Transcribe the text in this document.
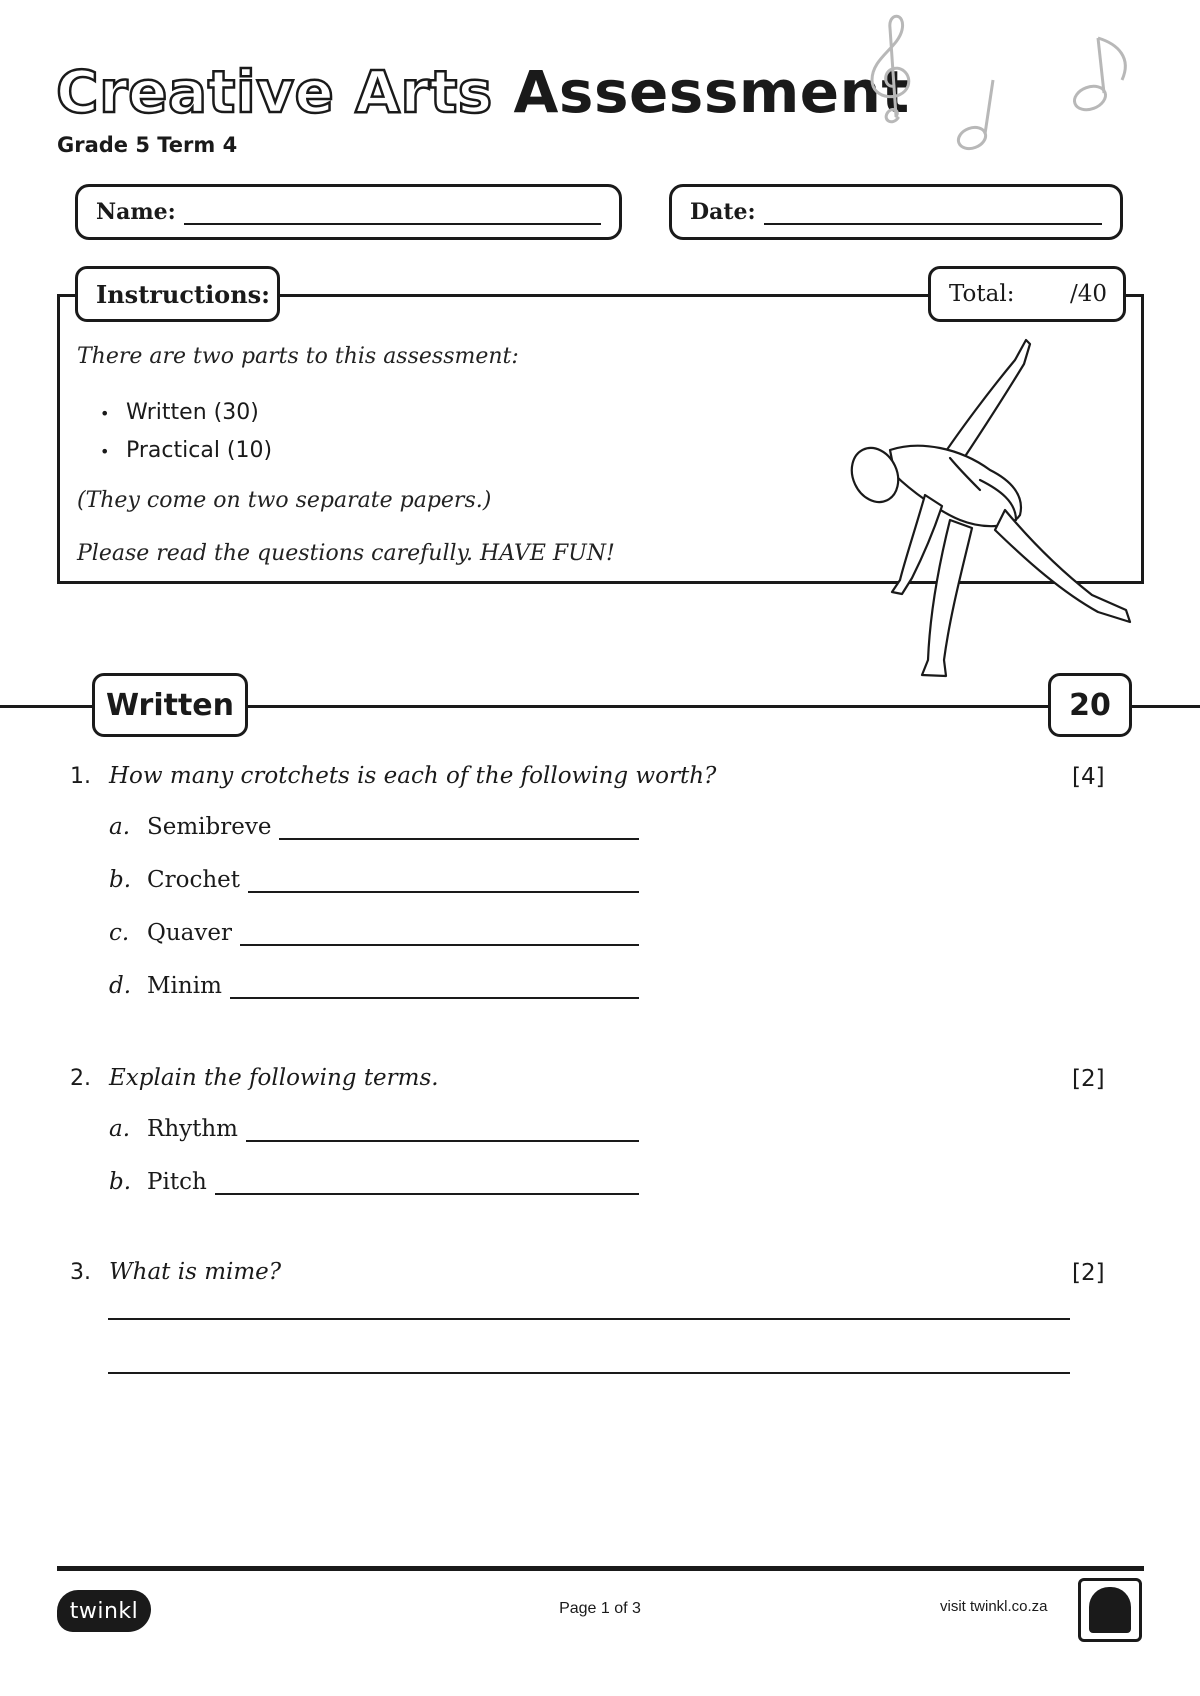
Creative Arts Assessment
Grade 5 Term 4
Name:	Date:
Instructions:	Total: /40
There are two parts to this assessment:
• Written (30)
• Practical (10)
(They come on two separate papers.)
Please read the questions carefully. HAVE FUN!
Written	20
1. How many crotchets is each of the following worth?	[4]
a. Semibreve
b. Crochet
c. Quaver
d. Minim
2. Explain the following terms.	[2]
a. Rhythm
b. Pitch
3. What is mime?	[2]
twinkl	Page 1 of 3	visit twinkl.co.za
